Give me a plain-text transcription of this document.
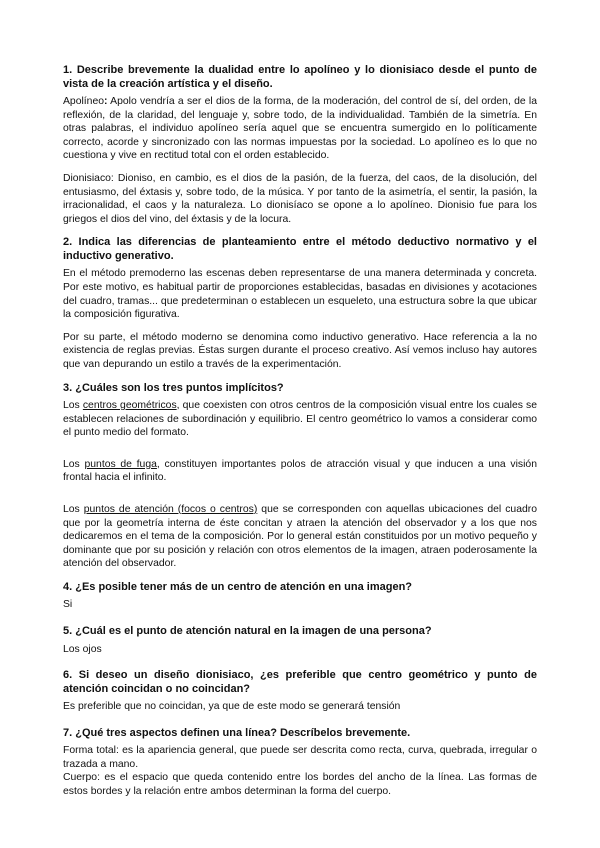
1. Describe brevemente la dualidad entre lo apolíneo y lo dionisiaco desde el punto de vista de la creación artística y el diseño.

Apolíneo: Apolo vendría a ser el dios de la forma, de la moderación, del control de sí, del orden, de la reflexión, de la claridad, del lenguaje y, sobre todo, de la individualidad. También de la simetría. En otras palabras, el individuo apolíneo sería aquel que se encuentra sumergido en lo políticamente correcto, acorde y sincronizado con las normas impuestas por la sociedad. Lo apolíneo es lo que no cuestiona y vive en rectitud total con el orden establecido.

Dionisiaco: Dioniso, en cambio, es el dios de la pasión, de la fuerza, del caos, de la disolución, del entusiasmo, del éxtasis y, sobre todo, de la música. Y por tanto de la asimetría, el sentir, la pasión, la irracionalidad, el caos y la naturaleza. Lo dionisíaco se opone a lo apolíneo. Dionisio fue para los griegos el dios del vino, del éxtasis y de la locura.

2. Indica las diferencias de planteamiento entre el método deductivo normativo y el inductivo generativo.

En el método premoderno las escenas deben representarse de una manera determinada y concreta. Por este motivo, es habitual partir de proporciones establecidas, basadas en divisiones y acotaciones del cuadro, tramas... que predeterminan o establecen un esqueleto, una estructura sobre la que ubicar la composición figurativa.

Por su parte, el método moderno se denomina como inductivo generativo. Hace referencia a la no existencia de reglas previas. Éstas surgen durante el proceso creativo. Así vemos incluso hay autores que van depurando un estilo a través de la experimentación.

3. ¿Cuáles son los tres puntos implícitos?

Los centros geométricos, que coexisten con otros centros de la composición visual entre los cuales se establecen relaciones de subordinación y equilibrio. El centro geométrico lo vamos a considerar como el punto medio del formato.

Los puntos de fuga, constituyen importantes polos de atracción visual y que inducen a una visión frontal hacia el infinito.

Los puntos de atención (focos o centros) que se corresponden con aquellas ubicaciones del cuadro que por la geometría interna de éste concitan y atraen la atención del observador y a los que nos dedicaremos en el tema de la composición. Por lo general están constituidos por un motivo pequeño y dominante que por su posición y relación con otros elementos de la imagen, atraen poderosamente la atención del observador.

4. ¿Es posible tener más de un centro de atención en una imagen?

Si

5. ¿Cuál es el punto de atención natural en la imagen de una persona?

Los ojos

6. Si deseo un diseño dionisiaco, ¿es preferible que centro geométrico y punto de atención coincidan o no coincidan?

Es preferible que no coincidan, ya que de este modo se generará tensión

7. ¿Qué tres aspectos definen una línea? Descríbelos brevemente.

Forma total: es la apariencia general, que puede ser descrita como recta, curva, quebrada, irregular o trazada a mano.

Cuerpo: es el espacio que queda contenido entre los bordes del ancho de la línea. Las formas de estos bordes y la relación entre ambos determinan la forma del cuerpo.
